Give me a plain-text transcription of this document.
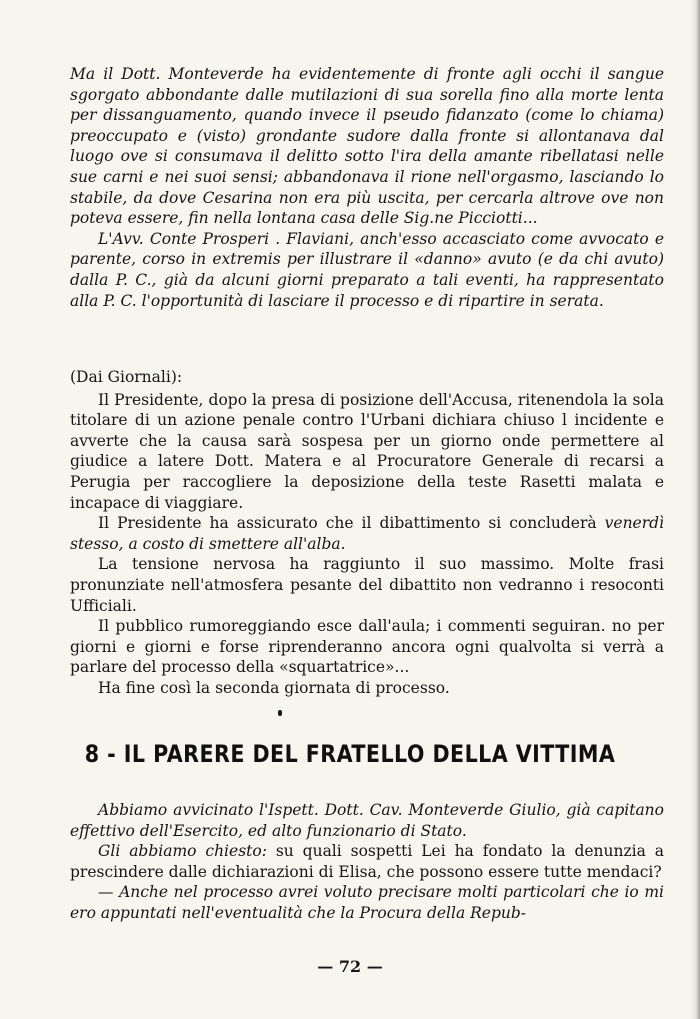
Ma il Dott. Monteverde ha evidentemente di fronte agli occhi il sangue sgorgato abbondante dalle mutilazioni di sua sorella fino alla morte lenta per dissanguamento, quando invece il pseudo fidanzato (come lo chiama) preoccupato e (visto) grondante sudore dalla fronte si allontanava dal luogo ove si consumava il delitto sotto l'ira della amante ribellatasi nelle sue carni e nei suoi sensi; abbandonava il rione nell'orgasmo, lasciando lo stabile, da dove Cesarina non era più uscita, per cercarla altrove ove non poteva essere, fin nella lontana casa delle Sig.ne Picciotti...

L'Avv. Conte Prosperi . Flaviani, anch'esso accasciato come avvocato e parente, corso in extremis per illustrare il «danno» avuto (e da chi avuto) dalla P. C., già da alcuni giorni preparato a tali eventi, ha rappresentato alla P. C. l'opportunità di lasciare il processo e di ripartire in serata.

(Dai Giornali):

Il Presidente, dopo la presa di posizione dell'Accusa, ritenendola la sola titolare di un azione penale contro l'Urbani dichiara chiuso l incidente e avverte che la causa sarà sospesa per un giorno onde permettere al giudice a latere Dott. Matera e al Procuratore Generale di recarsi a Perugia per raccogliere la deposizione della teste Rasetti malata e incapace di viaggiare.

Il Presidente ha assicurato che il dibattimento si concluderà venerdì stesso, a costo di smettere all'alba.

La tensione nervosa ha raggiunto il suo massimo. Molte frasi pronunziate nell'atmosfera pesante del dibattito non vedranno i resoconti Ufficiali.

Il pubblico rumoreggiando esce dall'aula; i commenti seguiran. no per giorni e giorni e forse riprenderanno ancora ogni qualvolta si verrà a parlare del processo della «squartatrice»...

Ha fine così la seconda giornata di processo.

8 - IL PARERE DEL FRATELLO DELLA VITTIMA

Abbiamo avvicinato l'Ispett. Dott. Cav. Monteverde Giulio, già capitano effettivo dell'Esercito, ed alto funzionario di Stato.

Gli abbiamo chiesto: su quali sospetti Lei ha fondato la denunzia a prescindere dalle dichiarazioni di Elisa, che possono essere tutte mendaci?

— Anche nel processo avrei voluto precisare molti particolari che io mi ero appuntati nell'eventualità che la Procura della Repub-

— 72 —
